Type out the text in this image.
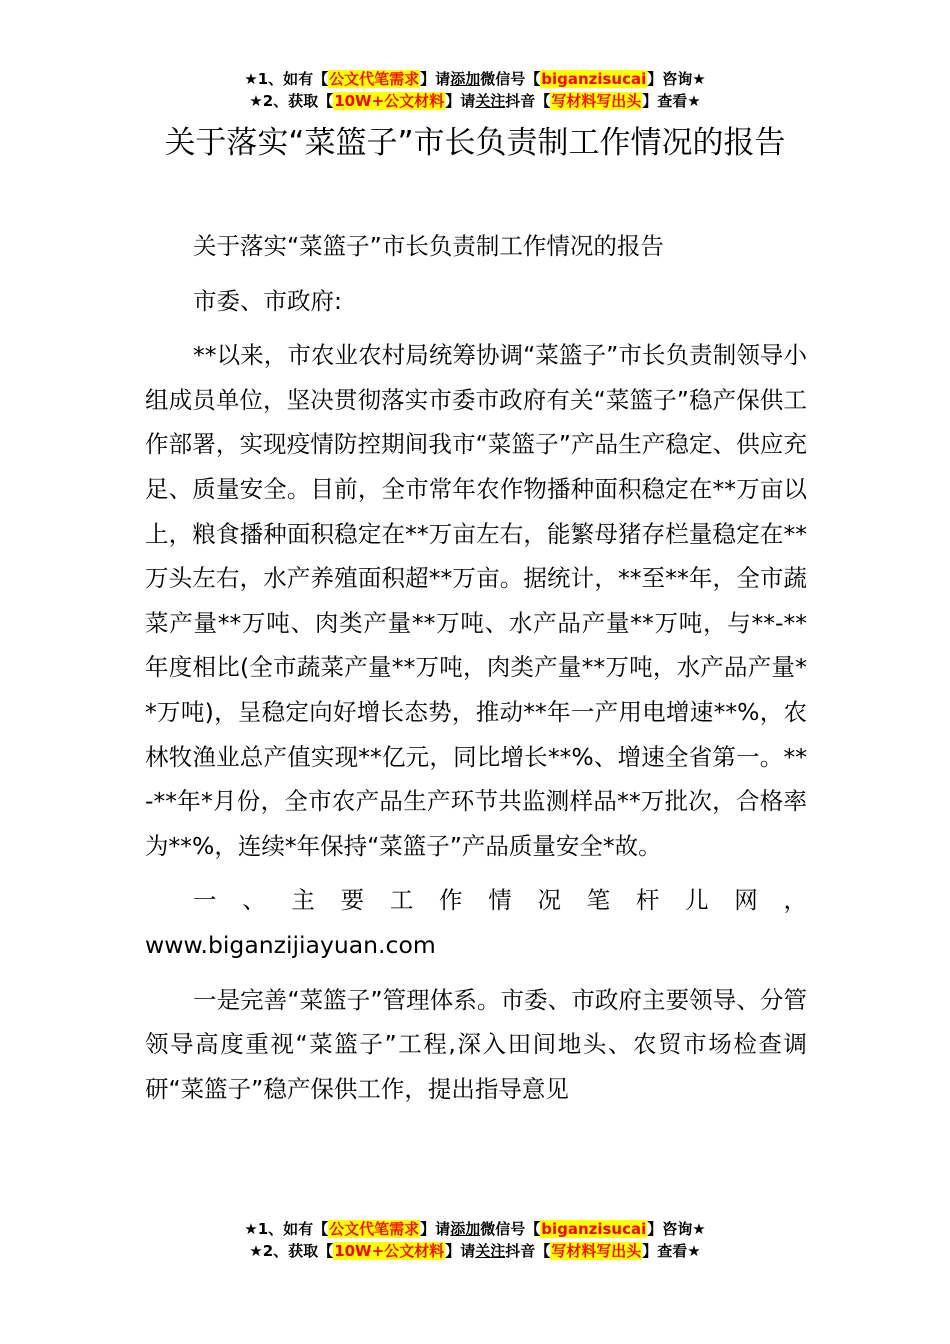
★1、如有【公文代笔需求】请添加微信号【biganzisucai】咨询★
★2、获取【10W+公文材料】请关注抖音【写材料写出头】查看★
关于落实“菜篮子”市长负责制工作情况的报告

关于落实“菜篮子”市长负责制工作情况的报告

市委、市政府:

**以来，市农业农村局统筹协调“菜篮子”市长负责制领导小组成员单位，坚决贯彻落实市委市政府有关“菜篮子”稳产保供工作部署，实现疫情防控期间我市“菜篮子”产品生产稳定、供应充足、质量安全。目前，全市常年农作物播种面积稳定在**万亩以上，粮食播种面积稳定在**万亩左右，能繁母猪存栏量稳定在**万头左右，水产养殖面积超**万亩。据统计，**至**年，全市蔬菜产量**万吨、肉类产量**万吨、水产品产量**万吨，与**-**年度相比(全市蔬菜产量**万吨，肉类产量**万吨，水产品产量**万吨)，呈稳定向好增长态势，推动**年一产用电增速**%，农林牧渔业总产值实现**亿元，同比增长**%、增速全省第一。**-**年*月份，全市农产品生产环节共监测样品**万批次，合格率为**%，连续*年保持“菜篮子”产品质量安全*故。

一、主要工作情况笔杆儿网，

www.biganzijiayuan.com

一是完善“菜篮子”管理体系。市委、市政府主要领导、分管领导高度重视“菜篮子”工程,深入田间地头、农贸市场检查调研“菜篮子”稳产保供工作，提出指导意见

★1、如有【公文代笔需求】请添加微信号【biganzisucai】咨询★
★2、获取【10W+公文材料】请关注抖音【写材料写出头】查看★
